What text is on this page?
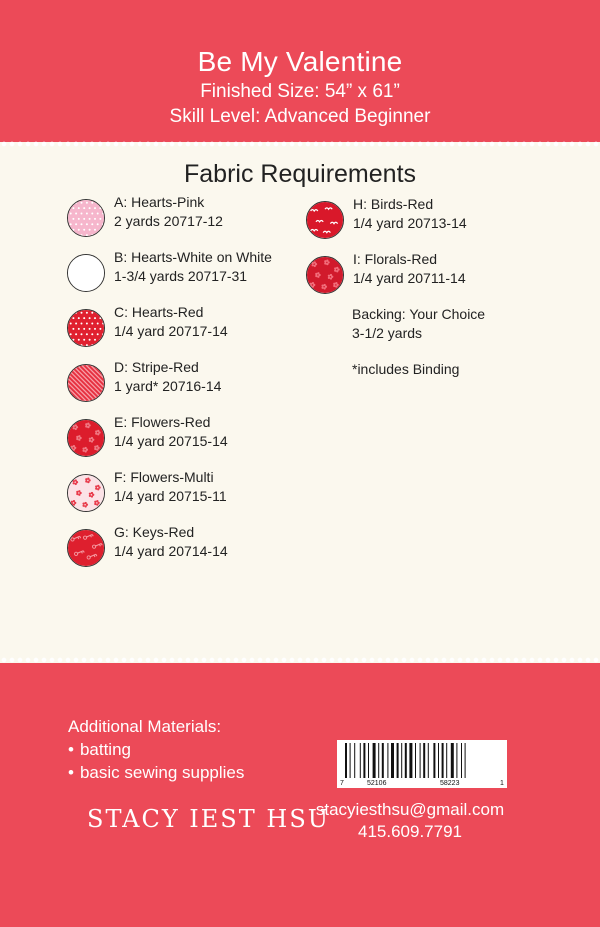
Be My Valentine
Finished Size: 54” x 61”
Skill Level: Advanced Beginner
Fabric Requirements
A: Hearts-Pink
2 yards 20717-12
B: Hearts-White on White
1-3/4 yards 20717-31
C: Hearts-Red
1/4 yard 20717-14
D: Stripe-Red
1 yard* 20716-14
E: Flowers-Red
1/4 yard 20715-14
F: Flowers-Multi
1/4 yard 20715-11
G: Keys-Red
1/4 yard 20714-14
H: Birds-Red
1/4 yard 20713-14
I: Florals-Red
1/4 yard 20711-14
Backing: Your Choice
3-1/2 yards
*includes Binding
Additional Materials:
• batting
• basic sewing supplies
STACY IEST HSU
7	52106	58223	1
stacyiesthsu@gmail.com
415.609.7791
